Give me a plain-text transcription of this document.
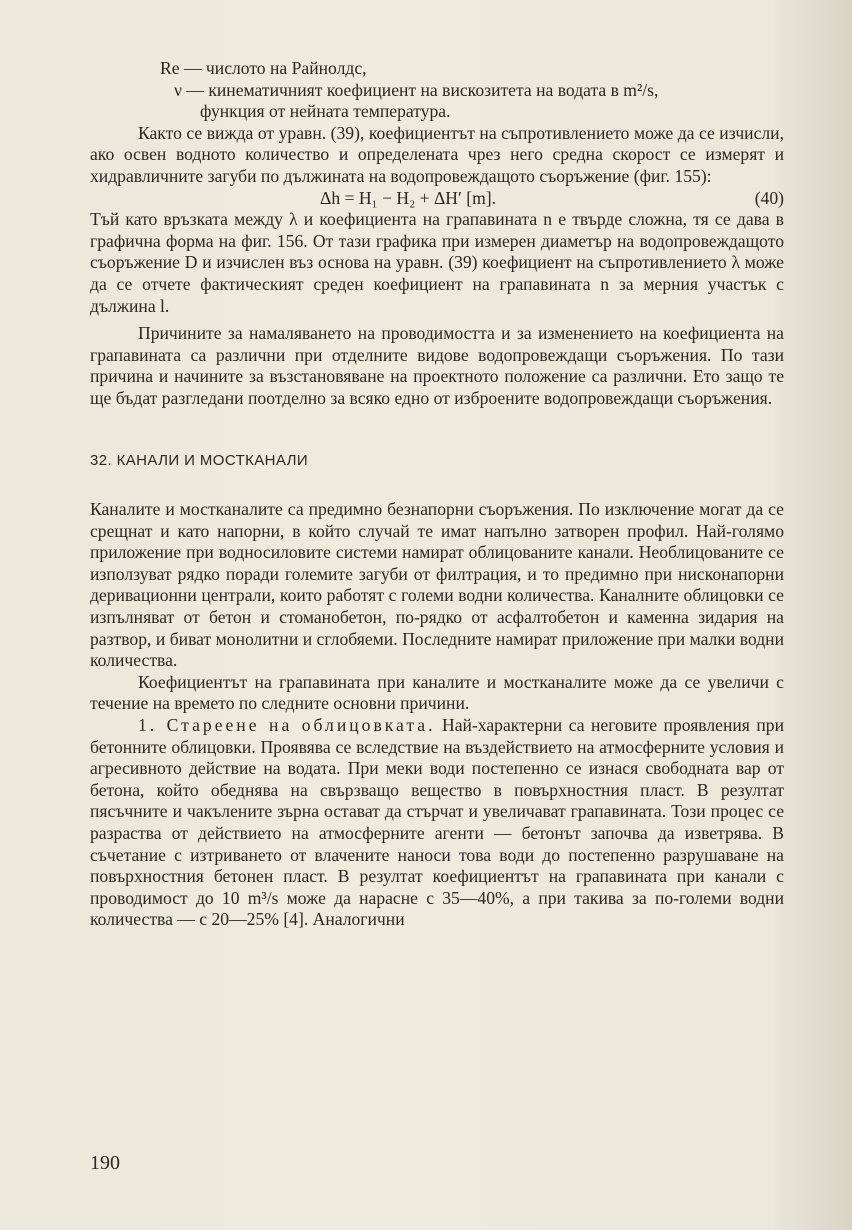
Re — числото на Райнолдс,

ν — кинематичният коефициент на вискозитета на водата в m²/s,

функция от нейната температура.

Както се вижда от уравн. (39), коефициентът на съпротивлението може да се изчисли, ако освен водното количество и определената чрез него средна скорост се измерят и хидравличните загуби по дължината на водопровеждащото съоръжение (фиг. 155):

Δh = H₁ − H₂ + ΔH′ [m].	(40)

Тъй като връзката между λ и коефициента на грапавината n е твърде сложна, тя се дава в графична форма на фиг. 156. От тази графика при измерен диаметър на водопровеждащото съоръжение D и изчислен въз основа на уравн. (39) коефициент на съпротивлението λ може да се отчете фактическият среден коефициент на грапавината n за мерния участък с дължина l.

Причините за намаляването на проводимостта и за изменението на коефициента на грапавината са различни при отделните видове водопровеждащи съоръжения. По тази причина и начините за възстановяване на проектното положение са различни. Ето защо те ще бъдат разгледани поотделно за всяко едно от изброените водопровеждащи съоръжения.

32. КАНАЛИ И МОСТКАНАЛИ

Каналите и мостканалите са предимно безнапорни съоръжения. По изключение могат да се срещнат и като напорни, в който случай те имат напълно затворен профил. Най-голямо приложение при водносиловите системи намират облицованите канали. Необлицованите се използуват рядко поради големите загуби от филтрация, и то предимно при нисконапорни деривационни централи, които работят с големи водни количества. Каналните облицовки се изпълняват от бетон и стоманобетон, по-рядко от асфалтобетон и каменна зидария на разтвор, и биват монолитни и сглобяеми. Последните намират приложение при малки водни количества.

Коефициентът на грапавината при каналите и мостканалите може да се увеличи с течение на времето по следните основни причини.

1. Стареене на облицовката. Най-характерни са неговите проявления при бетонните облицовки. Проявява се вследствие на въздействието на атмосферните условия и агресивното действие на водата. При меки води постепенно се изнася свободната вар от бетона, който обеднява на свързващо вещество в повърхностния пласт. В резултат пясъчните и чакълените зърна остават да стърчат и увеличават грапавината. Този процес се разраства от действието на атмосферните агенти — бетонът започва да изветрява. В съчетание с изтриването от влачените наноси това води до постепенно разрушаване на повърхностния бетонен пласт. В резултат коефициентът на грапавината при канали с проводимост до 10 m³/s може да нарасне с 35—40%, а при такива за по-големи водни количества — с 20—25% [4]. Аналогични

190
